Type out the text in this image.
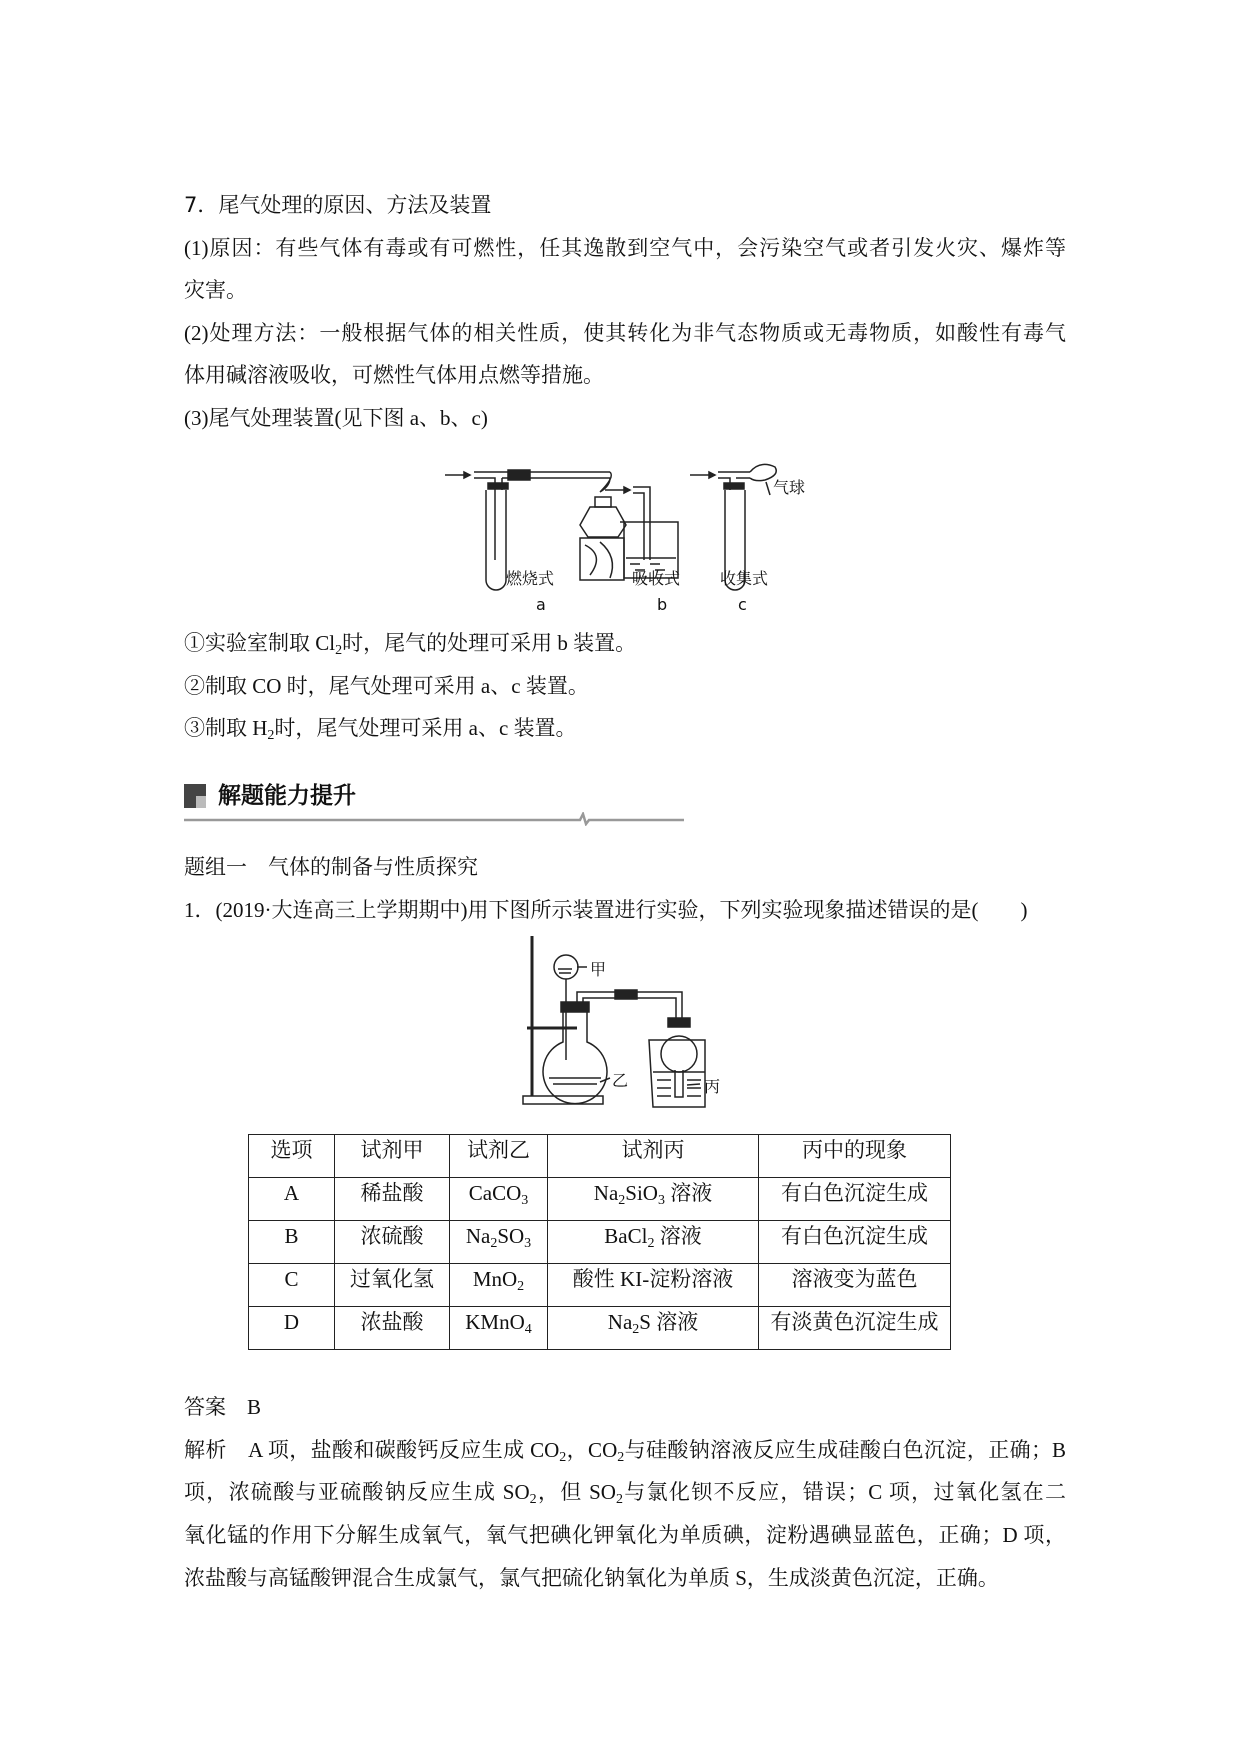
7．尾气处理的原因、方法及装置
(1)原因：有些气体有毒或有可燃性，任其逸散到空气中，会污染空气或者引发火灾、爆炸等
灾害。
(2)处理方法：一般根据气体的相关性质，使其转化为非气态物质或无毒物质，如酸性有毒气
体用碱溶液吸收，可燃性气体用点燃等措施。
(3)尾气处理装置(见下图 a、b、c)
气球
燃烧式	吸收式 收集式
a	b	c
①实验室制取 $Cl_2$时，尾气的处理可采用 b 装置。
②制取 CO 时，尾气处理可采用 a、c 装置。
③制取 $H_2$时，尾气处理可采用 a、c 装置。
解题能力提升
题组一　气体的制备与性质探究
1．(2019·大连高三上学期期中)用下图所示装置进行实验，下列实验现象描述错误的是(　　)
甲
乙	丙
选项	试剂甲	试剂乙	试剂丙	丙中的现象
A	稀盐酸	CaCO$_3$	$Na_2SiO_3$ 溶液	有白色沉淀生成
B	浓硫酸	$Na_2SO_3$	BaCl$_2$ 溶液	有白色沉淀生成
C	过氧化氢	MnO$_2$	酸性 KI-淀粉溶液	溶液变为蓝色
D	浓盐酸	KMnO$_4$	$Na_2S$ 溶液	有淡黄色沉淀生成
答案　 B
解析　 A 项，盐酸和碳酸钙反应生成 $CO_2$，$CO_2$与硅酸钠溶液反应生成硅酸白色沉淀，正确；B
项，浓硫酸与亚硫酸钠反应生成 $SO_2$，但 $SO_2$与氯化钡不反应，错误；C 项，过氧化氢在二
氧化锰的作用下分解生成氧气，氧气把碘化钾氧化为单质碘，淀粉遇碘显蓝色，正确；D 项，
浓盐酸与高锰酸钾混合生成氯气，氯气把硫化钠氧化为单质 S，生成淡黄色沉淀，正确。
